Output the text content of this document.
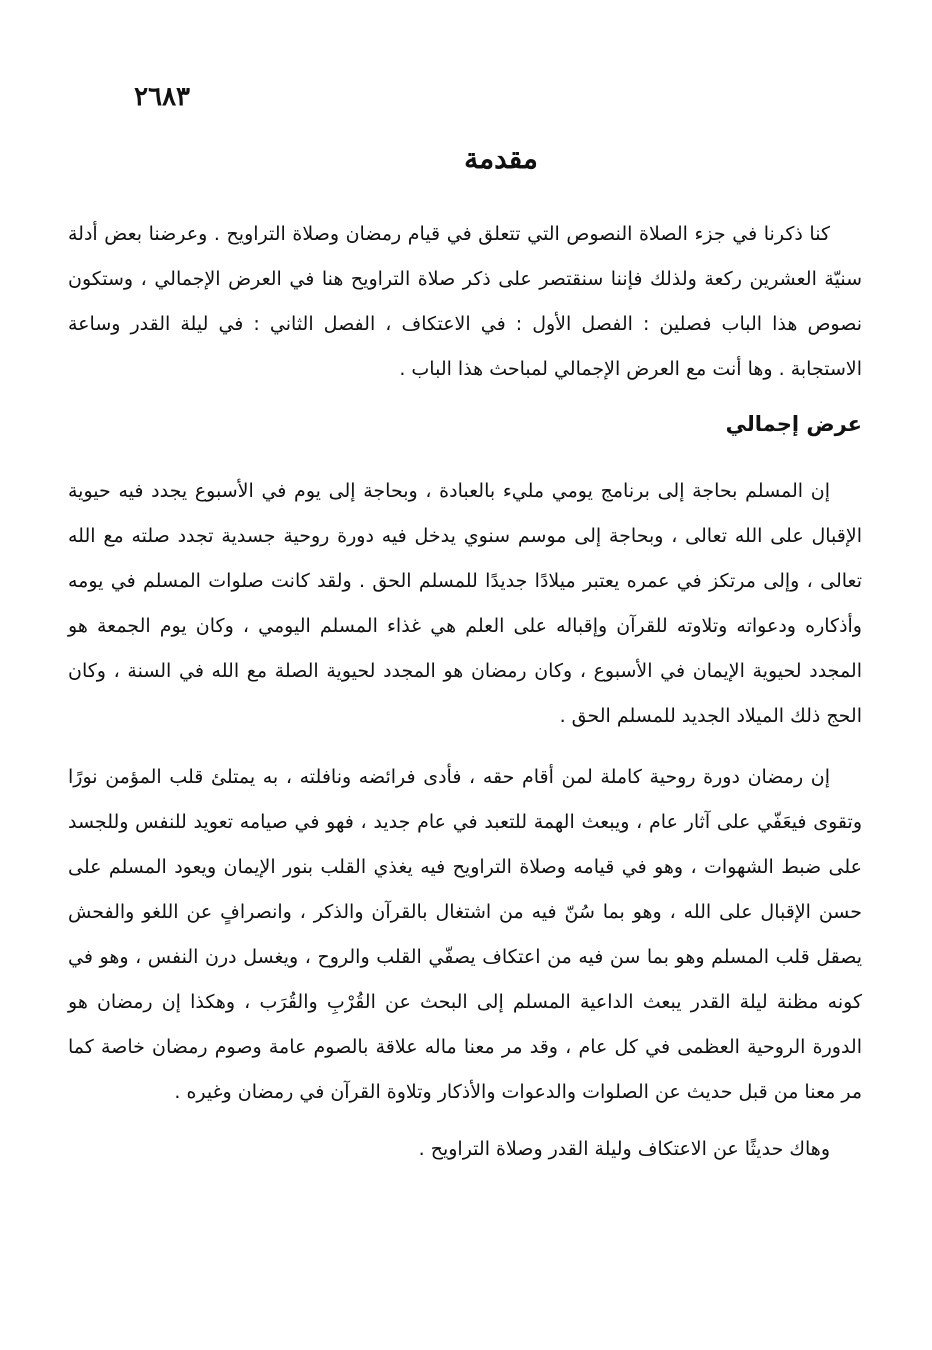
٢٦٨٣
مقدمة

كنا ذكرنا في جزء الصلاة النصوص التي تتعلق في قيام رمضان وصلاة التراويح . وعرضنا بعض أدلة سنيّة العشرين ركعة ولذلك فإننا سنقتصر على ذكر صلاة التراويح هنا في العرض الإجمالي ، وستكون نصوص هذا الباب فصلين : الفصل الأول : في الاعتكاف ، الفصل الثاني : في ليلة القدر وساعة الاستجابة . وها أنت مع العرض الإجمالي لمباحث هذا الباب .

عرض إجمالي

إن المسلم بحاجة إلى برنامج يومي مليء بالعبادة ، وبحاجة إلى يوم في الأسبوع يجدد فيه حيوية الإقبال على الله تعالى ، وبحاجة إلى موسم سنوي يدخل فيه دورة روحية جسدية تجدد صلته مع الله تعالى ، وإلى مرتكز في عمره يعتبر ميلادًا جديدًا للمسلم الحق . ولقد كانت صلوات المسلم في يومه وأذكاره ودعواته وتلاوته للقرآن وإقباله على العلم هي غذاء المسلم اليومي ، وكان يوم الجمعة هو المجدد لحيوية الإيمان في الأسبوع ، وكان رمضان هو المجدد لحيوية الصلة مع الله في السنة ، وكان الحج ذلك الميلاد الجديد للمسلم الحق .

إن رمضان دورة روحية كاملة لمن أقام حقه ، فأدى فرائضه ونافلته ، به يمتلئ قلب المؤمن نورًا وتقوى فيعَفّي على آثار عام ، ويبعث الهمة للتعبد في عام جديد ، فهو في صيامه تعويد للنفس وللجسد على ضبط الشهوات ، وهو في قيامه وصلاة التراويح فيه يغذي القلب بنور الإيمان ويعود المسلم على حسن الإقبال على الله ، وهو بما سُنّ فيه من اشتغال بالقرآن والذكر ، وانصرافٍ عن اللغو والفحش يصقل قلب المسلم وهو بما سن فيه من اعتكاف يصفّي القلب والروح ، ويغسل درن النفس ، وهو في كونه مظنة ليلة القدر يبعث الداعية المسلم إلى البحث عن القُرْبِ والقُرَب ، وهكذا إن رمضان هو الدورة الروحية العظمى في كل عام ، وقد مر معنا ماله علاقة بالصوم عامة وصوم رمضان خاصة كما مر معنا من قبل حديث عن الصلوات والدعوات والأذكار وتلاوة القرآن في رمضان وغيره .

وهاك حديثًا عن الاعتكاف وليلة القدر وصلاة التراويح .
